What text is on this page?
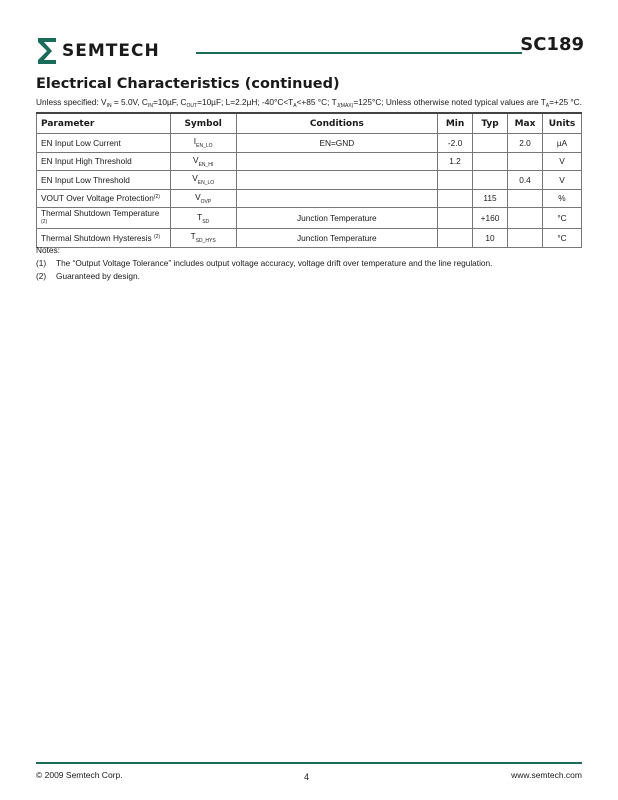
SEMTECH	SC189
Electrical Characteristics (continued)
Unless specified: $V_{IN} = 5.0V$, $C_{IN}=10\mu F$, $C_{OUT}=10\mu F$; L=2.2µH; $-40^\circ C<T_A<+85$ °C; $T_{J(MAX)}=125^\circ C$; Unless otherwise noted typical values are $T_A=+25$ °C.
Parameter	Symbol	Conditions	Min	Typ	Max	Units
EN Input Low Current	$I_{EN\_LO}$	EN=GND	-2.0		2.0	µA
EN Input High Threshold	$V_{EN\_HI}$		1.2			V
EN Input Low Threshold	$V_{EN\_LO}$				0.4	V
VOUT Over Voltage Protection$^{(2)}$	$V_{OVP}$			115		%
Thermal Shutdown Temperature $^{(2)}$	$T_{SD}$	Junction Temperature		+160		°C
Thermal Shutdown Hysteresis $^{(2)}$	$T_{SD\_HYS}$	Junction Temperature		10		°C
Notes:
(1)	The “Output Voltage Tolerance” includes output voltage accuracy, voltage drift over temperature and the line regulation.
(2)	Guaranteed by design.
© 2009 Semtech Corp.	4	www.semtech.com
